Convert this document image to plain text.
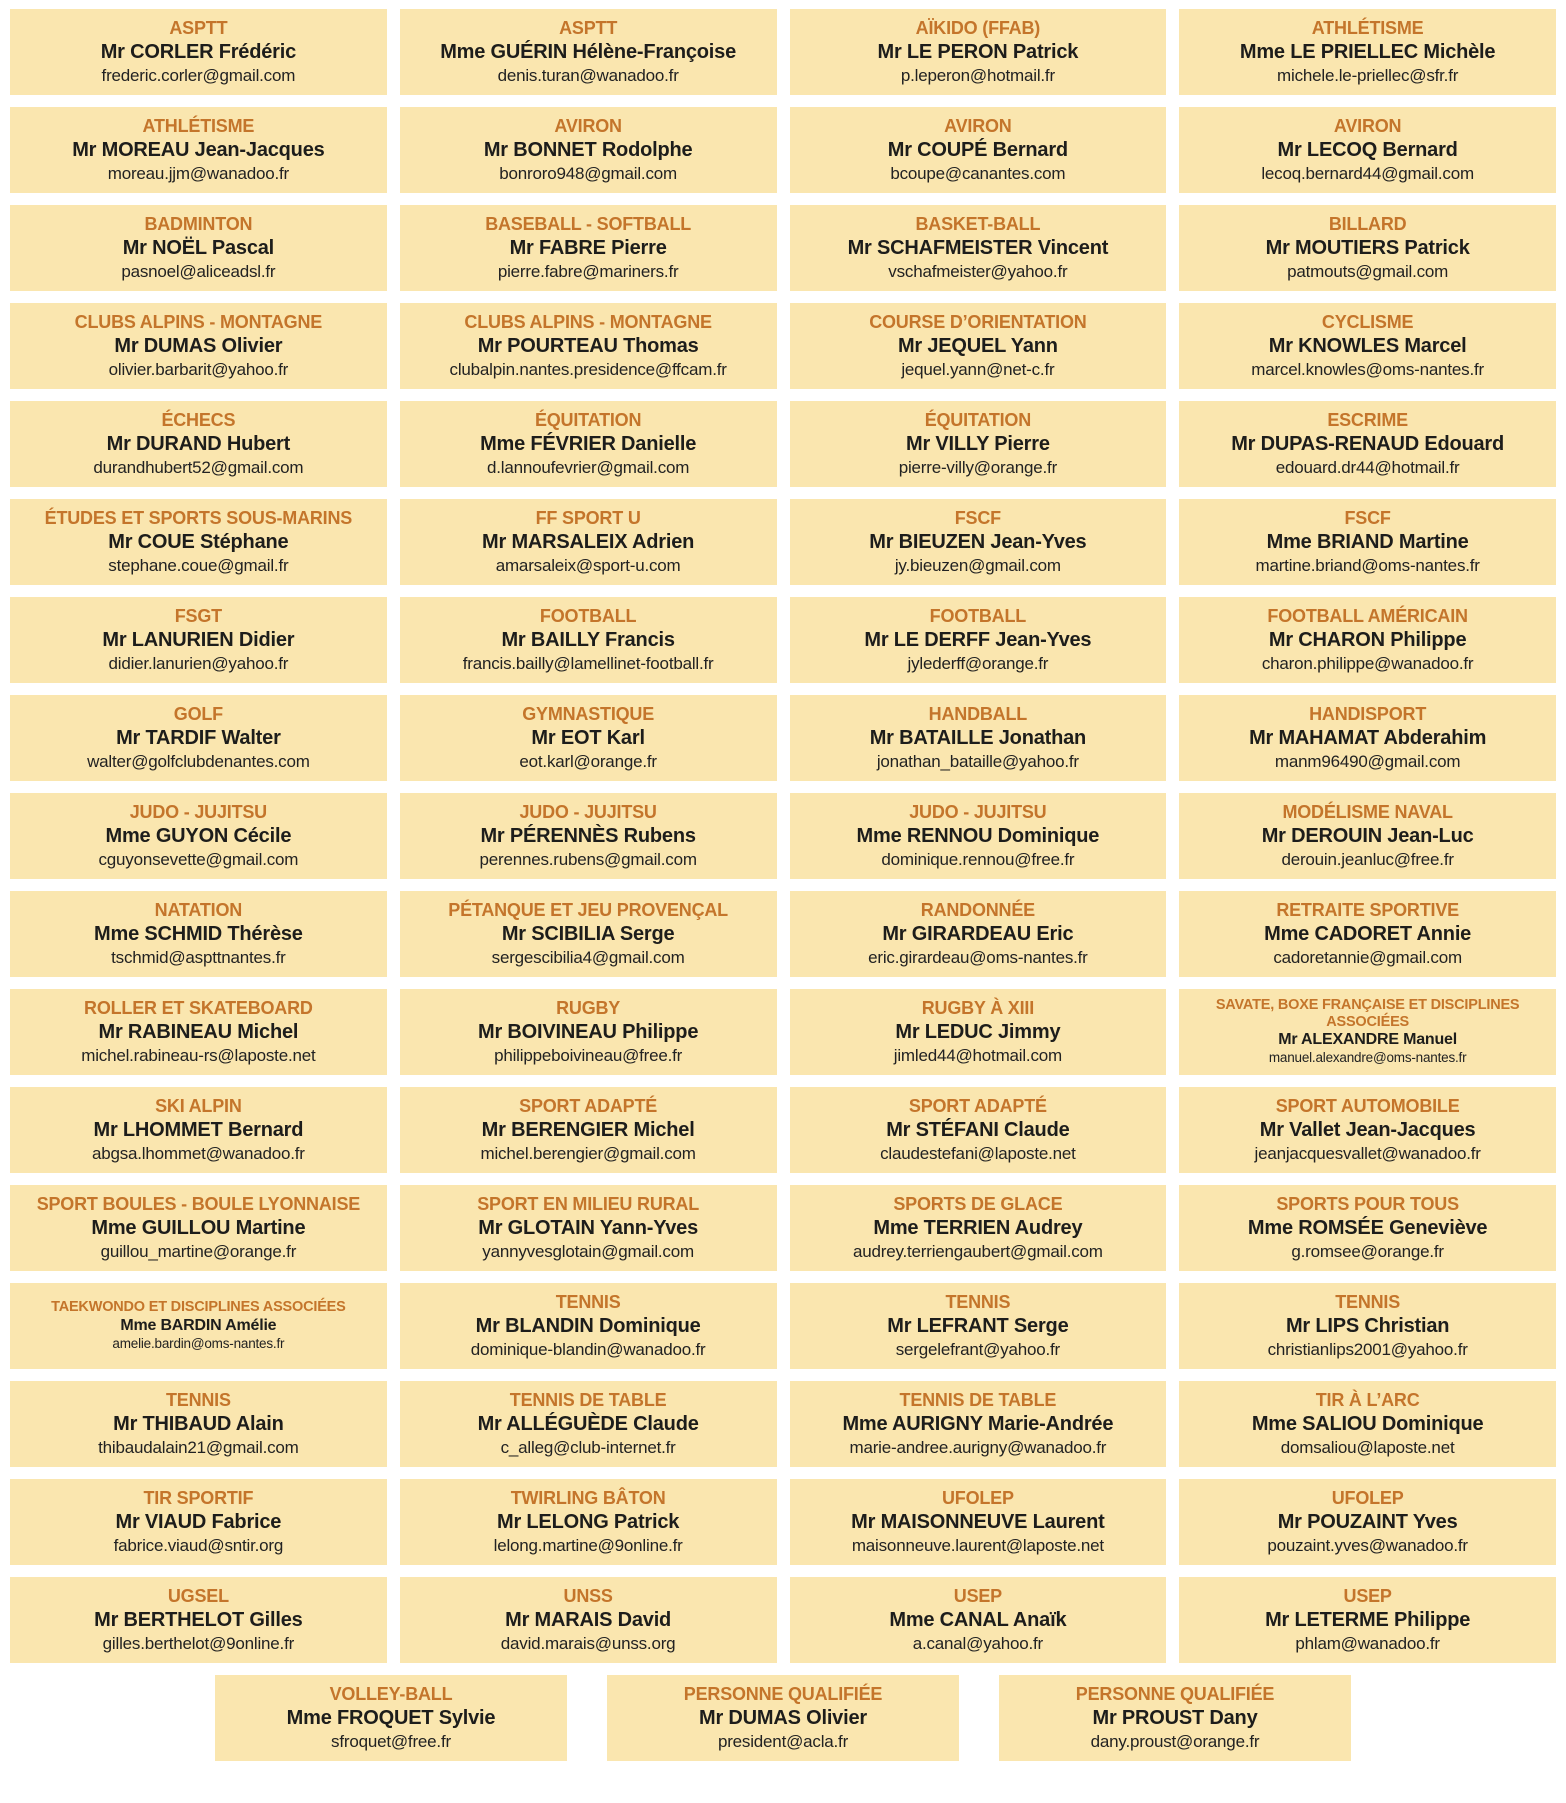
ASPTT
Mr CORLER Frédéric
frederic.corler@gmail.com
ASPTT
Mme GUÉRIN Hélène-Françoise
denis.turan@wanadoo.fr
AÏKIDO (FFAB)
Mr LE PERON Patrick
p.leperon@hotmail.fr
ATHLÉTISME
Mme LE PRIELLEC Michèle
michele.le-priellec@sfr.fr
ATHLÉTISME
Mr MOREAU Jean-Jacques
moreau.jjm@wanadoo.fr
AVIRON
Mr BONNET Rodolphe
bonroro948@gmail.com
AVIRON
Mr COUPÉ Bernard
bcoupe@canantes.com
AVIRON
Mr LECOQ Bernard
lecoq.bernard44@gmail.com
BADMINTON
Mr NOËL Pascal
pasnoel@aliceadsl.fr
BASEBALL - SOFTBALL
Mr FABRE Pierre
pierre.fabre@mariners.fr
BASKET-BALL
Mr SCHAFMEISTER Vincent
vschafmeister@yahoo.fr
BILLARD
Mr MOUTIERS Patrick
patmouts@gmail.com
CLUBS ALPINS - MONTAGNE
Mr DUMAS Olivier
olivier.barbarit@yahoo.fr
CLUBS ALPINS - MONTAGNE
Mr POURTEAU Thomas
clubalpin.nantes.presidence@ffcam.fr
COURSE D’ORIENTATION
Mr JEQUEL Yann
jequel.yann@net-c.fr
CYCLISME
Mr KNOWLES Marcel
marcel.knowles@oms-nantes.fr
ÉCHECS
Mr DURAND Hubert
durandhubert52@gmail.com
ÉQUITATION
Mme FÉVRIER Danielle
d.lannoufevrier@gmail.com
ÉQUITATION
Mr VILLY Pierre
pierre-villy@orange.fr
ESCRIME
Mr DUPAS-RENAUD Edouard
edouard.dr44@hotmail.fr
ÉTUDES ET SPORTS SOUS-MARINS
Mr COUE Stéphane
stephane.coue@gmail.fr
FF SPORT U
Mr MARSALEIX Adrien
amarsaleix@sport-u.com
FSCF
Mr BIEUZEN Jean-Yves
jy.bieuzen@gmail.com
FSCF
Mme BRIAND Martine
martine.briand@oms-nantes.fr
FSGT
Mr LANURIEN Didier
didier.lanurien@yahoo.fr
FOOTBALL
Mr BAILLY Francis
francis.bailly@lamellinet-football.fr
FOOTBALL
Mr LE DERFF Jean-Yves
jylederff@orange.fr
FOOTBALL AMÉRICAIN
Mr CHARON Philippe
charon.philippe@wanadoo.fr
GOLF
Mr TARDIF Walter
walter@golfclubdenantes.com
GYMNASTIQUE
Mr EOT Karl
eot.karl@orange.fr
HANDBALL
Mr BATAILLE Jonathan
jonathan_bataille@yahoo.fr
HANDISPORT
Mr MAHAMAT Abderahim
manm96490@gmail.com
JUDO - JUJITSU
Mme GUYON Cécile
cguyonsevette@gmail.com
JUDO - JUJITSU
Mr PÉRENNÈS Rubens
perennes.rubens@gmail.com
JUDO - JUJITSU
Mme RENNOU Dominique
dominique.rennou@free.fr
MODÉLISME NAVAL
Mr DEROUIN Jean-Luc
derouin.jeanluc@free.fr
NATATION
Mme SCHMID Thérèse
tschmid@aspttnantes.fr
PÉTANQUE ET JEU PROVENÇAL
Mr SCIBILIA Serge
sergescibilia4@gmail.com
RANDONNÉE
Mr GIRARDEAU Eric
eric.girardeau@oms-nantes.fr
RETRAITE SPORTIVE
Mme CADORET Annie
cadoretannie@gmail.com
ROLLER ET SKATEBOARD
Mr RABINEAU Michel
michel.rabineau-rs@laposte.net
RUGBY
Mr BOIVINEAU Philippe
philippeboivineau@free.fr
RUGBY À XIII
Mr LEDUC Jimmy
jimled44@hotmail.com
SAVATE, BOXE FRANÇAISE ET DISCIPLINES ASSOCIÉES
Mr ALEXANDRE Manuel
manuel.alexandre@oms-nantes.fr
SKI ALPIN
Mr LHOMMET Bernard
abgsa.lhommet@wanadoo.fr
SPORT ADAPTÉ
Mr BERENGIER Michel
michel.berengier@gmail.com
SPORT ADAPTÉ
Mr STÉFANI Claude
claudestefani@laposte.net
SPORT AUTOMOBILE
Mr Vallet Jean-Jacques
jeanjacquesvallet@wanadoo.fr
SPORT BOULES - BOULE LYONNAISE
Mme GUILLOU Martine
guillou_martine@orange.fr
SPORT EN MILIEU RURAL
Mr GLOTAIN Yann-Yves
yannyvesglotain@gmail.com
SPORTS DE GLACE
Mme TERRIEN Audrey
audrey.terriengaubert@gmail.com
SPORTS POUR TOUS
Mme ROMSÉE Geneviève
g.romsee@orange.fr
TAEKWONDO ET DISCIPLINES ASSOCIÉES
Mme BARDIN Amélie
amelie.bardin@oms-nantes.fr
TENNIS
Mr BLANDIN Dominique
dominique-blandin@wanadoo.fr
TENNIS
Mr LEFRANT Serge
sergelefrant@yahoo.fr
TENNIS
Mr LIPS Christian
christianlips2001@yahoo.fr
TENNIS
Mr THIBAUD Alain
thibaudalain21@gmail.com
TENNIS DE TABLE
Mr ALLÉGUÈDE Claude
c_alleg@club-internet.fr
TENNIS DE TABLE
Mme AURIGNY Marie-Andrée
marie-andree.aurigny@wanadoo.fr
TIR À L’ARC
Mme SALIOU Dominique
domsaliou@laposte.net
TIR SPORTIF
Mr VIAUD Fabrice
fabrice.viaud@sntir.org
TWIRLING BÂTON
Mr LELONG Patrick
lelong.martine@9online.fr
UFOLEP
Mr MAISONNEUVE Laurent
maisonneuve.laurent@laposte.net
UFOLEP
Mr POUZAINT Yves
pouzaint.yves@wanadoo.fr
UGSEL
Mr BERTHELOT Gilles
gilles.berthelot@9online.fr
UNSS
Mr MARAIS David
david.marais@unss.org
USEP
Mme CANAL Anaïk
a.canal@yahoo.fr
USEP
Mr LETERME Philippe
phlam@wanadoo.fr
VOLLEY-BALL
Mme FROQUET Sylvie
sfroquet@free.fr
PERSONNE QUALIFIÉE
Mr DUMAS Olivier
president@acla.fr
PERSONNE QUALIFIÉE
Mr PROUST Dany
dany.proust@orange.fr
